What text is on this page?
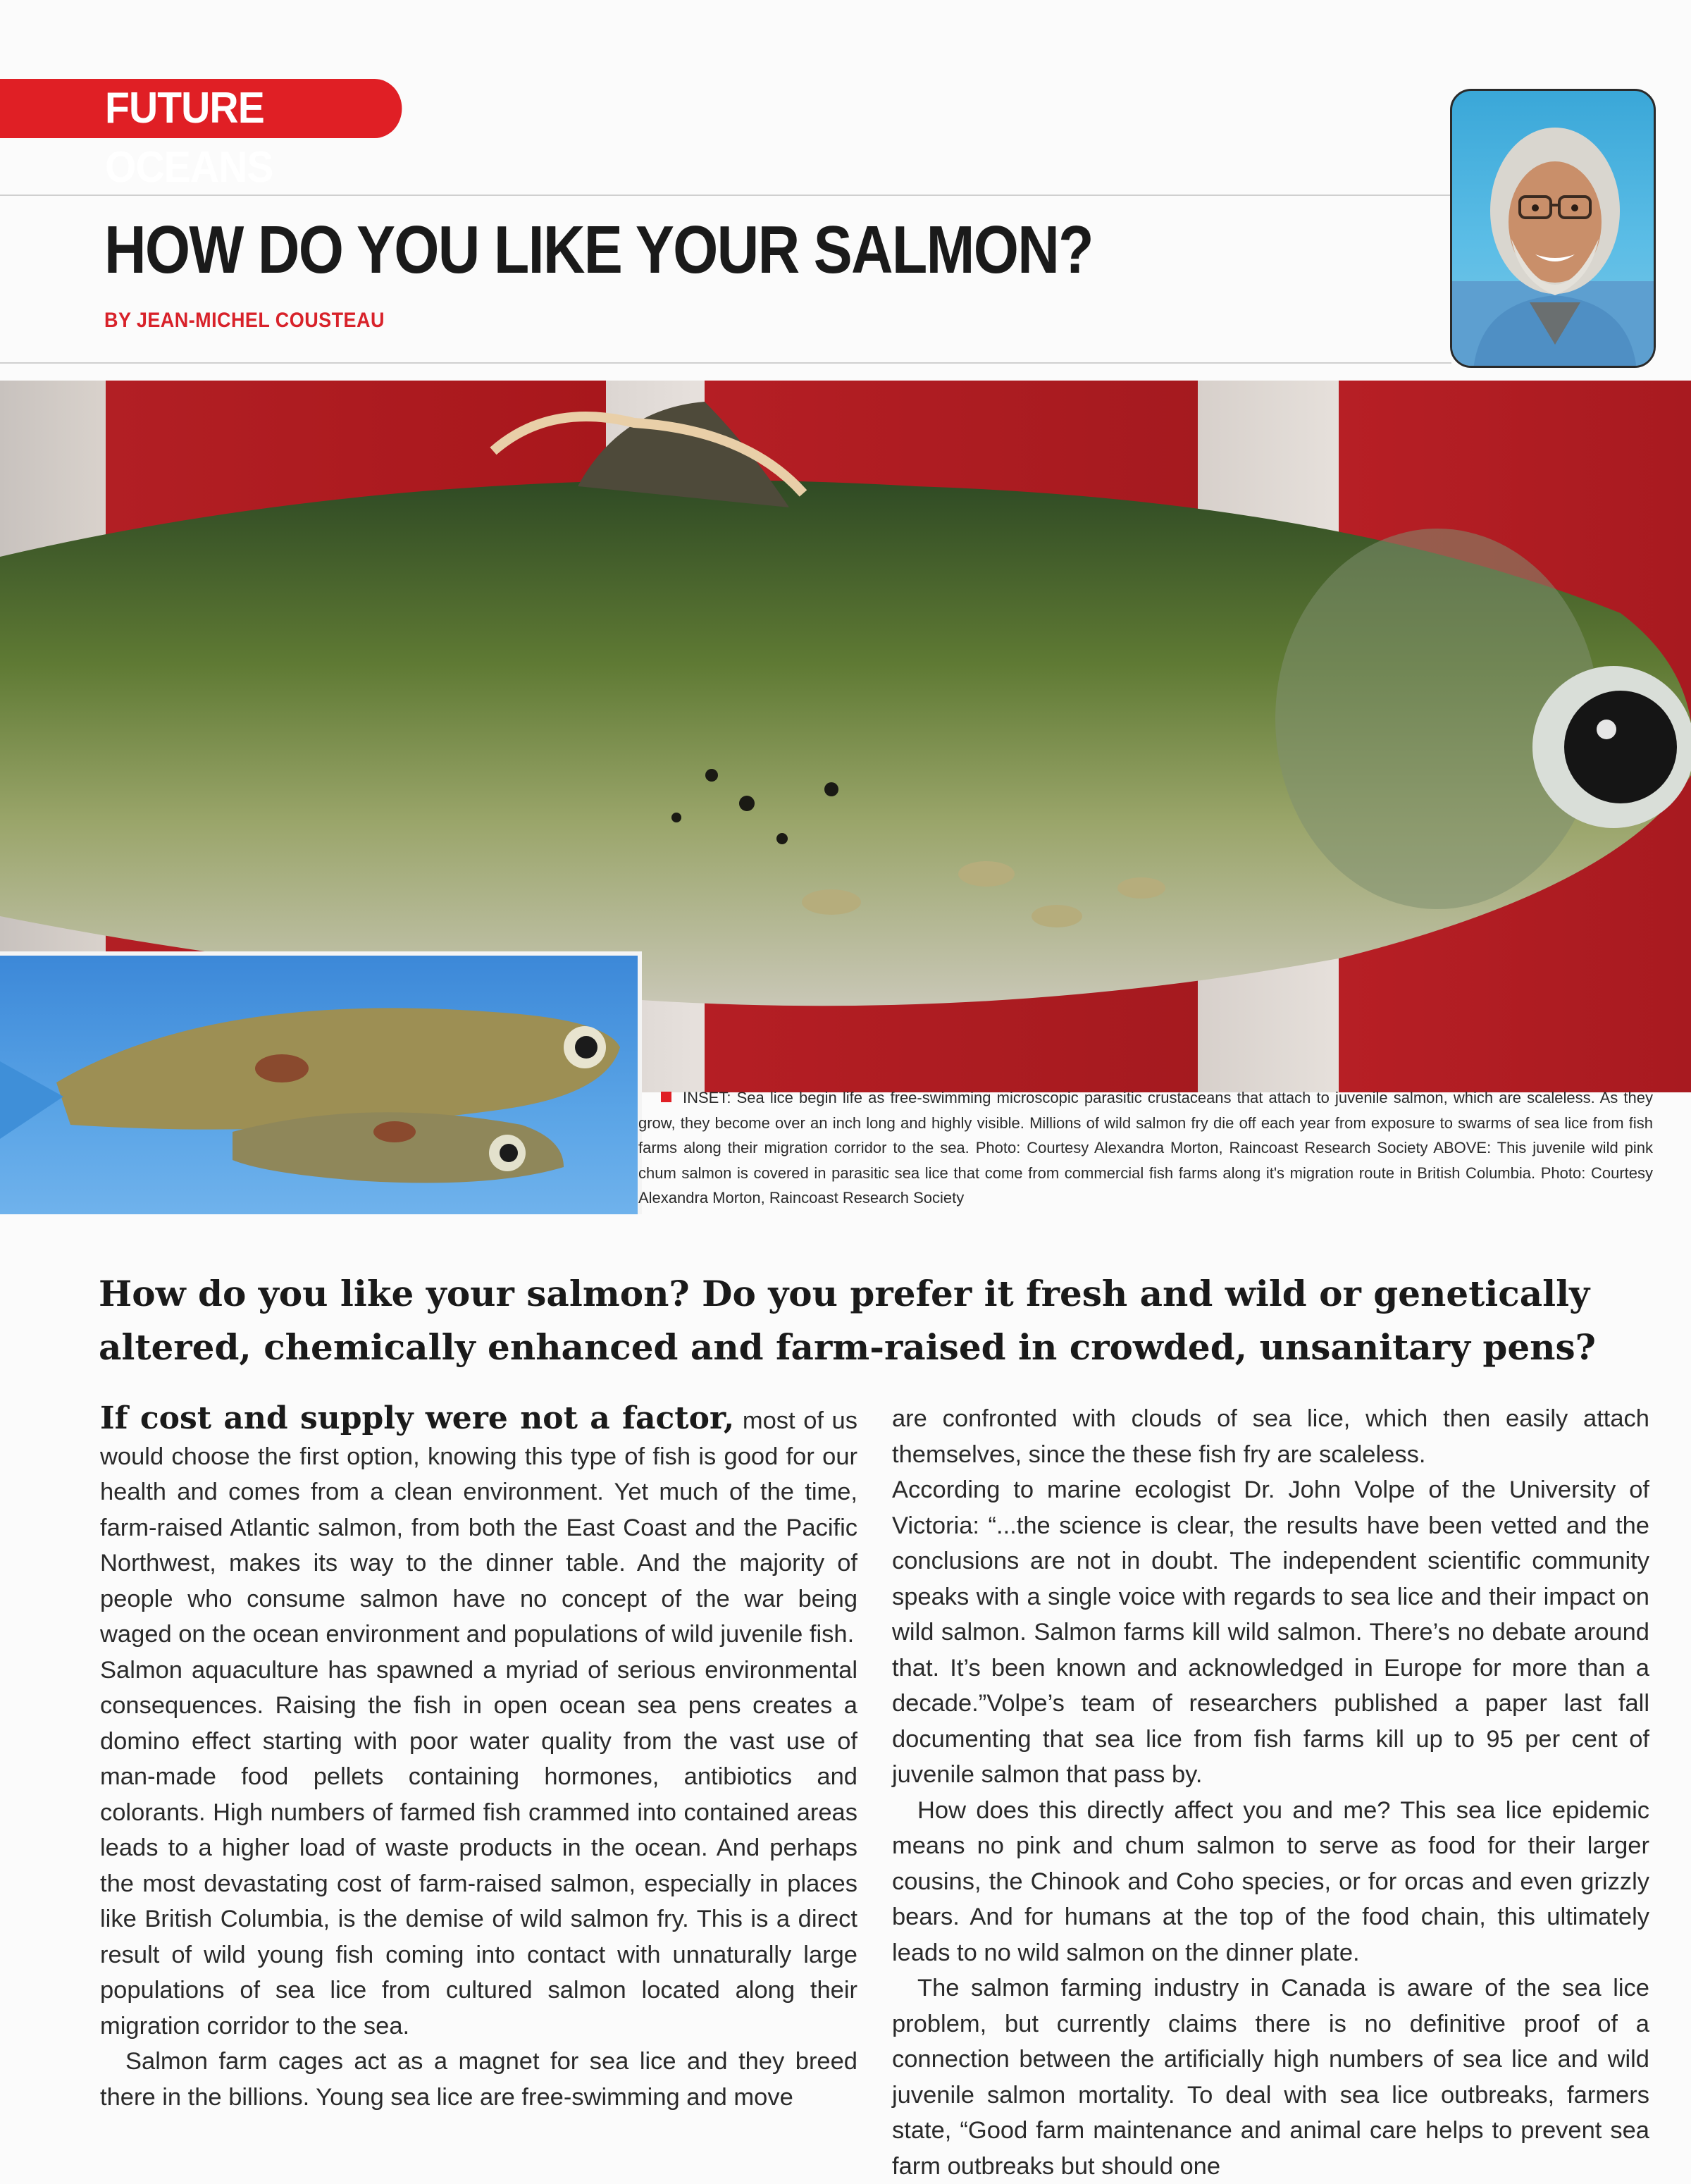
FUTURE OCEANS
HOW DO YOU LIKE YOUR SALMON?
BY JEAN-MICHEL COUSTEAU
INSET: Sea lice begin life as free-swimming microscopic parasitic crustaceans that attach to juvenile salmon, which are scaleless. As they grow, they become over an inch long and highly visible. Millions of wild salmon fry die off each year from exposure to swarms of sea lice from fish farms along their migration corridor to the sea. Photo: Courtesy Alexandra Morton, Raincoast Research Society ABOVE: This juvenile wild pink chum salmon is covered in parasitic sea lice that come from commercial fish farms along it's migration route in British Columbia. Photo: Courtesy Alexandra Morton, Raincoast Research Society
How do you like your salmon? Do you prefer it fresh and wild or genetically altered, chemically enhanced and farm-raised in crowded, unsanitary pens?

If cost and supply were not a factor, most of us would choose the first option, knowing this type of fish is good for our health and comes from a clean environment. Yet much of the time, farm-raised Atlantic salmon, from both the East Coast and the Pacific Northwest, makes its way to the dinner table. And the majority of people who consume salmon have no concept of the war being waged on the ocean environment and populations of wild juvenile fish.

Salmon aquaculture has spawned a myriad of serious environmental consequences. Raising the fish in open ocean sea pens creates a domino effect starting with poor water quality from the vast use of man-made food pellets containing hormones, antibiotics and colorants. High numbers of farmed fish crammed into contained areas leads to a higher load of waste products in the ocean. And perhaps the most devastating cost of farm-raised salmon, especially in places like British Columbia, is the demise of wild salmon fry. This is a direct result of wild young fish coming into contact with unnaturally large populations of sea lice from cultured salmon located along their migration corridor to the sea.

Salmon farm cages act as a magnet for sea lice and they breed there in the billions. Young sea lice are free-swimming and move

are confronted with clouds of sea lice, which then easily attach themselves, since the these fish fry are scaleless.

According to marine ecologist Dr. John Volpe of the University of Victoria: “...the science is clear, the results have been vetted and the conclusions are not in doubt. The independent scientific community speaks with a single voice with regards to sea lice and their impact on wild salmon. Salmon farms kill wild salmon. There’s no debate around that. It’s been known and acknowledged in Europe for more than a decade.”Volpe’s team of researchers published a paper last fall documenting that sea lice from fish farms kill up to 95 per cent of juvenile salmon that pass by.

How does this directly affect you and me? This sea lice epidemic means no pink and chum salmon to serve as food for their larger cousins, the Chinook and Coho species, or for orcas and even grizzly bears. And for humans at the top of the food chain, this ultimately leads to no wild salmon on the dinner plate.

The salmon farming industry in Canada is aware of the sea lice problem, but currently claims there is no definitive proof of a connection between the artificially high numbers of sea lice and wild juvenile salmon mortality. To deal with sea lice outbreaks, farmers state, “Good farm maintenance and animal care helps to prevent sea farm outbreaks but should one
